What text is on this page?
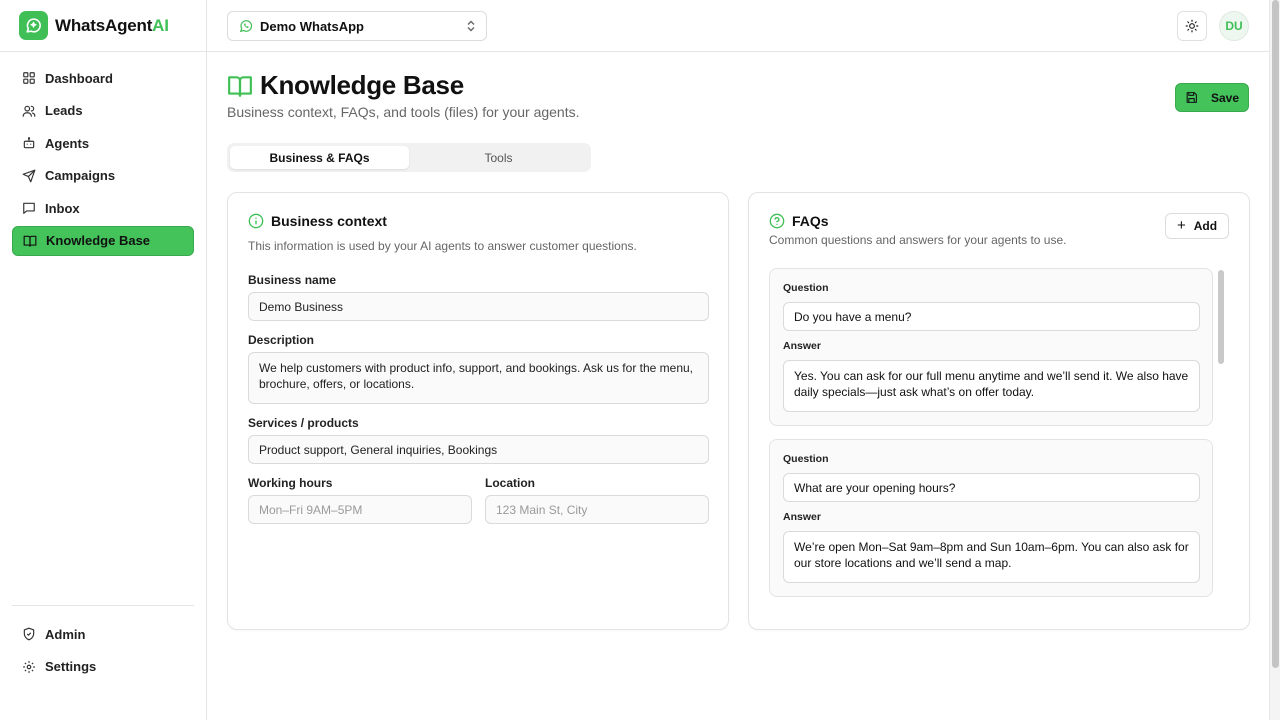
WhatsAgentAI
Dashboard
Leads
Agents
Campaigns
Inbox
Knowledge Base
Admin
Settings
Demo WhatsApp	DU
Knowledge Base
Business context, FAQs, and tools (files) for your agents.
Save
Business & FAQs	Tools
Business context
This information is used by your AI agents to answer customer questions.
Business name
Demo Business
Description
We help customers with product info, support, and bookings. Ask us for the menu, brochure, offers, or locations.
Services / products
Product support, General inquiries, Bookings
Working hours
Mon–Fri 9AM–5PM
Location
123 Main St, City
FAQs
Common questions and answers for your agents to use.
+ Add
Question
Do you have a menu?
Answer
Yes. You can ask for our full menu anytime and we’ll send it. We also have daily specials—just ask what’s on offer today.
Question
What are your opening hours?
Answer
We’re open Mon–Sat 9am–8pm and Sun 10am–6pm. You can also ask for our store locations and we’ll send a map.
